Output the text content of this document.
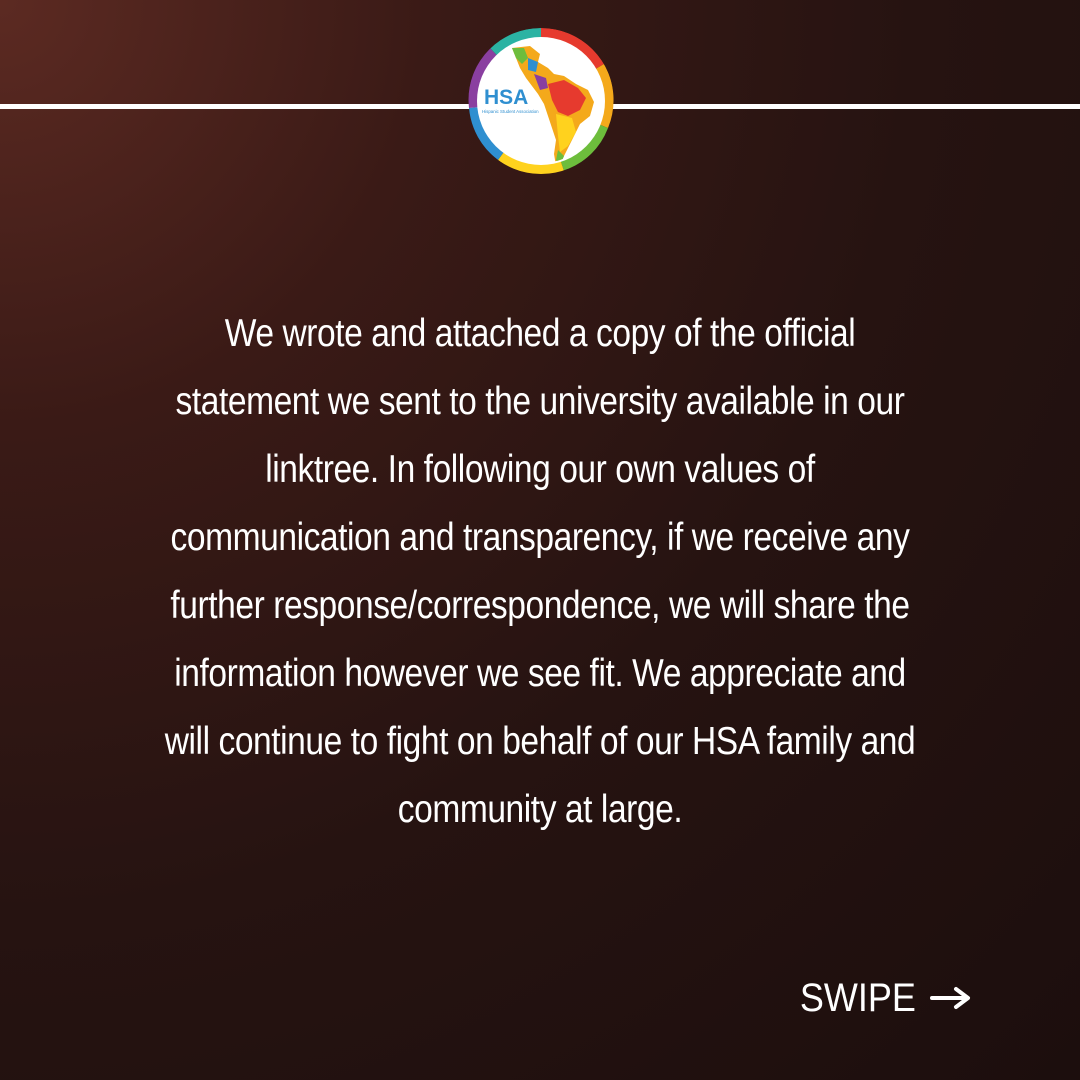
HSA
Hispanic Student Association

We wrote and attached a copy of the official statement we sent to the university available in our linktree. In following our own values of communication and transparency, if we receive any further response/correspondence, we will share the information however we see fit. We appreciate and will continue to fight on behalf of our HSA family and community at large.

SWIPE
